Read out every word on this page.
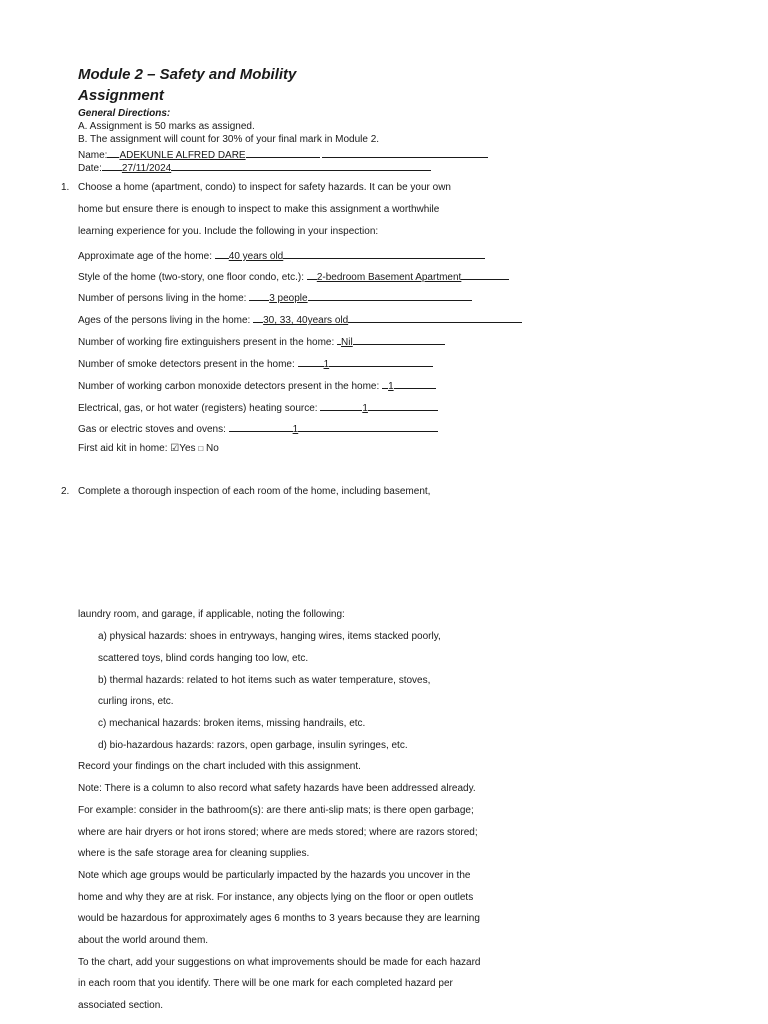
Module 2 – Safety and Mobility
Assignment
General Directions:
A. Assignment is 50 marks as assigned.
B. The assignment will count for 30% of your final mark in Module 2.
Name: ADEKUNLE ALFRED DARE
Date: 27/11/2024
1. Choose a home (apartment, condo) to inspect for safety hazards. It can be your own
home but ensure there is enough to inspect to make this assignment a worthwhile
learning experience for you. Include the following in your inspection:
Approximate age of the home: 40 years old
Style of the home (two-story, one floor condo, etc.): 2-bedroom Basement Apartment
Number of persons living in the home: 3 people
Ages of the persons living in the home: 30, 33, 40years old
Number of working fire extinguishers present in the home: Nil
Number of smoke detectors present in the home:	1
Number of working carbon monoxide detectors present in the home: 1
Electrical, gas, or hot water (registers) heating source:	1
Gas or electric stoves and ovens:	1
First aid kit in home: ☑Yes □ No
2. Complete a thorough inspection of each room of the home, including basement,
laundry room, and garage, if applicable, noting the following:
a) physical hazards: shoes in entryways, hanging wires, items stacked poorly,
scattered toys, blind cords hanging too low, etc.
b) thermal hazards: related to hot items such as water temperature, stoves,
curling irons, etc.
c) mechanical hazards: broken items, missing handrails, etc.
d) bio-hazardous hazards: razors, open garbage, insulin syringes, etc.
Record your findings on the chart included with this assignment.
Note: There is a column to also record what safety hazards have been addressed already.
For example: consider in the bathroom(s): are there anti-slip mats; is there open garbage;
where are hair dryers or hot irons stored; where are meds stored; where are razors stored;
where is the safe storage area for cleaning supplies.
Note which age groups would be particularly impacted by the hazards you uncover in the
home and why they are at risk. For instance, any objects lying on the floor or open outlets
would be hazardous for approximately ages 6 months to 3 years because they are learning
about the world around them.
To the chart, add your suggestions on what improvements should be made for each hazard
in each room that you identify. There will be one mark for each completed hazard per
associated section.
